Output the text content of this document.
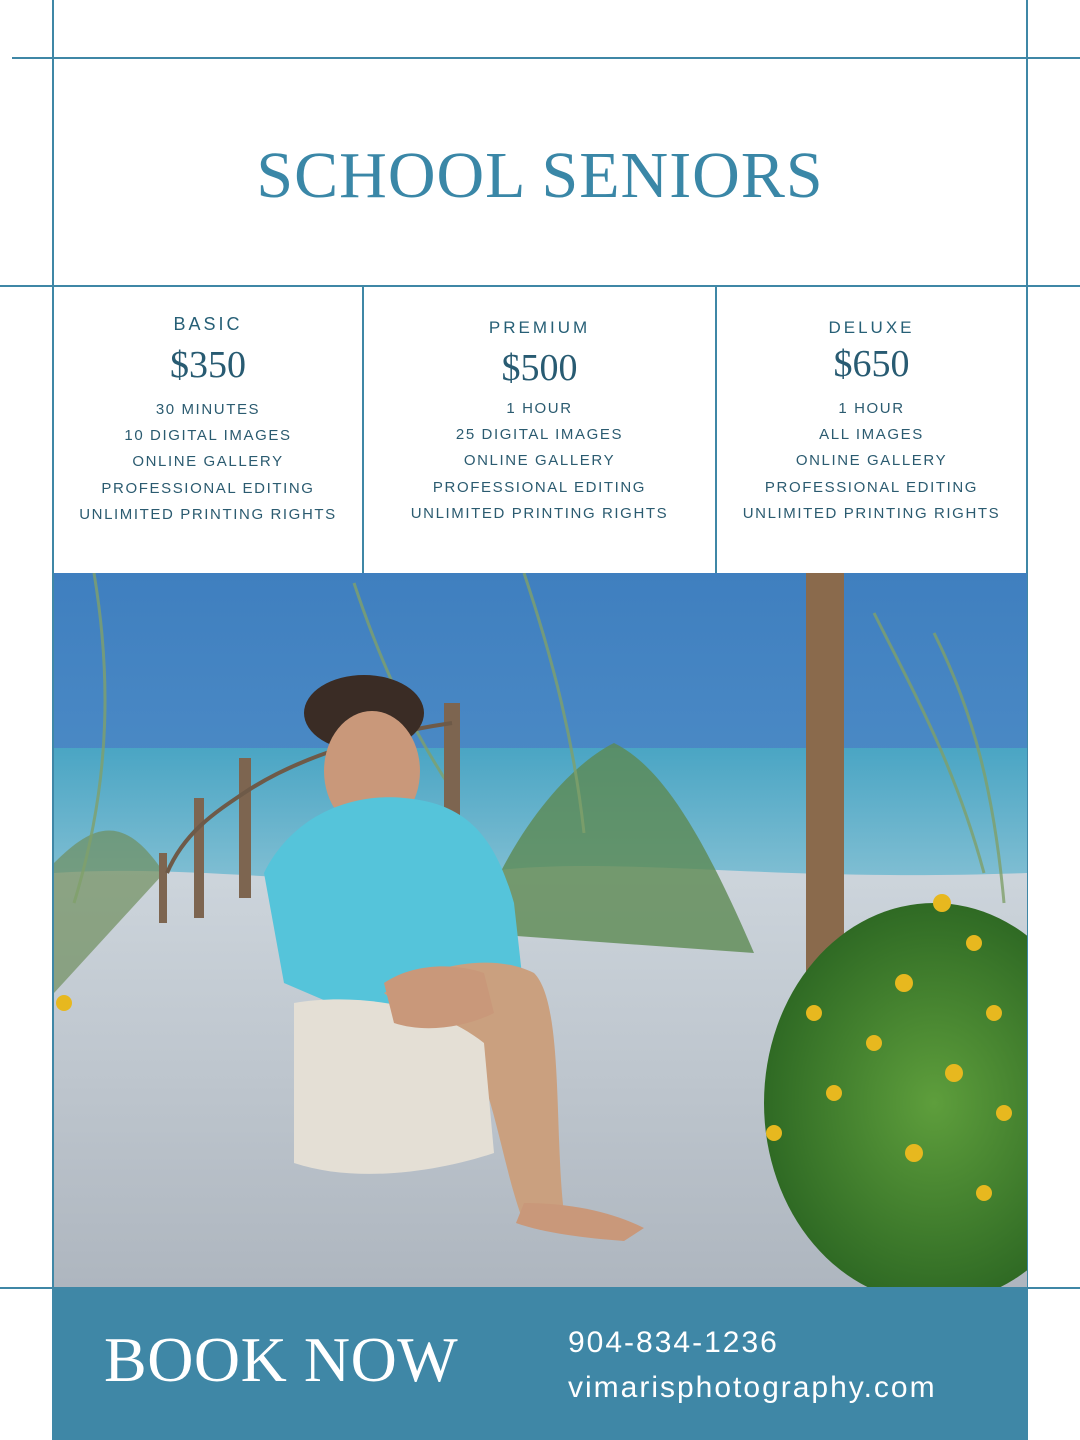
SCHOOL SENIORS
BASIC
$350
30 MINUTES
10 DIGITAL IMAGES
ONLINE GALLERY
PROFESSIONAL EDITING
UNLIMITED PRINTING RIGHTS
PREMIUM
$500
1 HOUR
25 DIGITAL IMAGES
ONLINE GALLERY
PROFESSIONAL EDITING
UNLIMITED PRINTING RIGHTS
DELUXE
$650
1 HOUR
ALL IMAGES
ONLINE GALLERY
PROFESSIONAL EDITING
UNLIMITED PRINTING RIGHTS
BOOK NOW	904-834-1236
vimarisphotography.com
